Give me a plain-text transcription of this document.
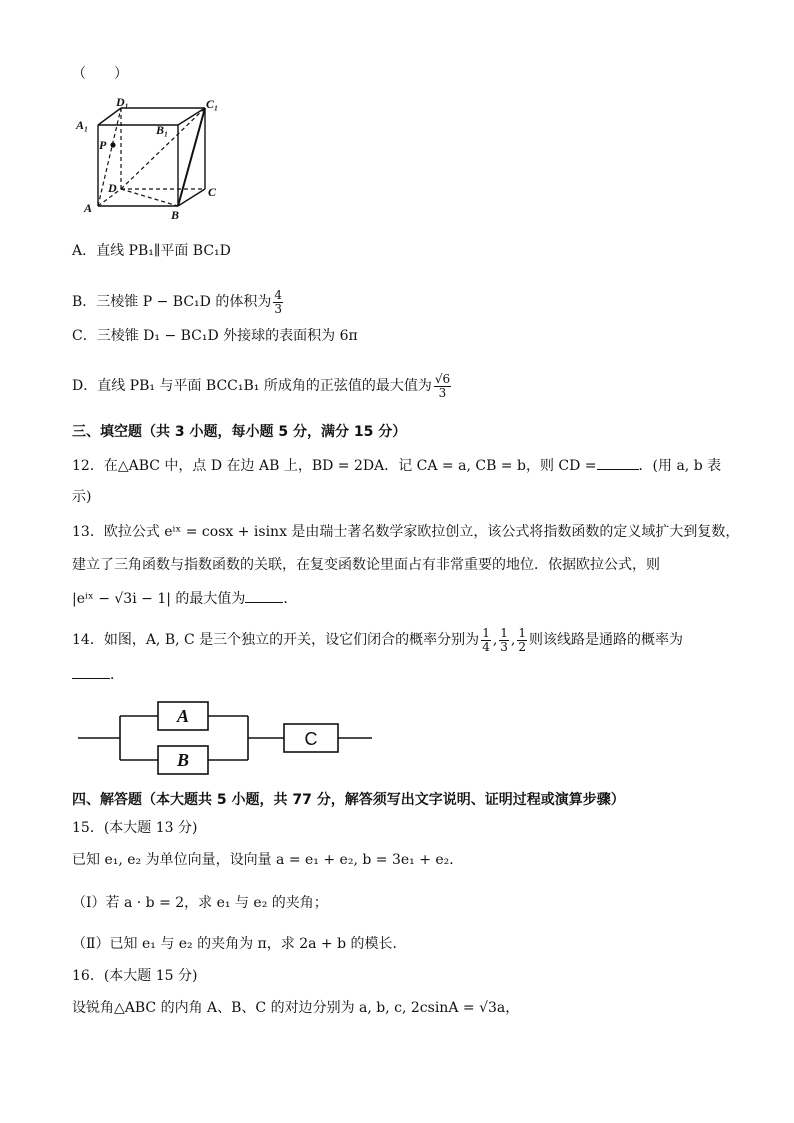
（　　）
D₁	C₁
A₁	B₁
P
D	C
A	B
A．直线 PB₁∥平面 BC₁D
B．三棱锥 P − BC₁D 的体积为 $\frac{4}{3}$
C．三棱锥 D₁ − BC₁D 外接球的表面积为 6π
D．直线 PB₁ 与平面 BCC₁B₁ 所成角的正弦值的最大值为 $\frac{√6}{3}$
三、填空题（共 3 小题，每小题 5 分，满分 15 分）
12．在△ABC 中，点 D 在边 AB 上，BD = 2DA．记 CA = a, CB = b，则 CD =	．(用 a, b 表
示)
13．欧拉公式 eⁱˣ = cosx + isinx 是由瑞士著名数学家欧拉创立，该公式将指数函数的定义域扩大到复数，
建立了三角函数与指数函数的关联，在复变函数论里面占有非常重要的地位．依据欧拉公式，则
|eⁱˣ − √3i − 1| 的最大值为	．
14．如图，A, B, C 是三个独立的开关，设它们闭合的概率分别为 $\frac{1}{4}$ , $\frac{1}{3}$ , $\frac{1}{2}$ 则该线路是通路的概率为
．
A
B
C
四、解答题（本大题共 5 小题，共 77 分，解答须写出文字说明、证明过程或演算步骤）
15．(本大题 13 分)
已知 e₁, e₂ 为单位向量，设向量 a = e₁ + e₂, b = 3e₁ + e₂．
（Ⅰ）若 a · b = 2，求 e₁ 与 e₂ 的夹角；
（Ⅱ）已知 e₁ 与 e₂ 的夹角为 π，求 2a + b 的模长．
16．(本大题 15 分)
设锐角△ABC 的内角 A、B、C 的对边分别为 a, b, c, 2csinA = √3a，
